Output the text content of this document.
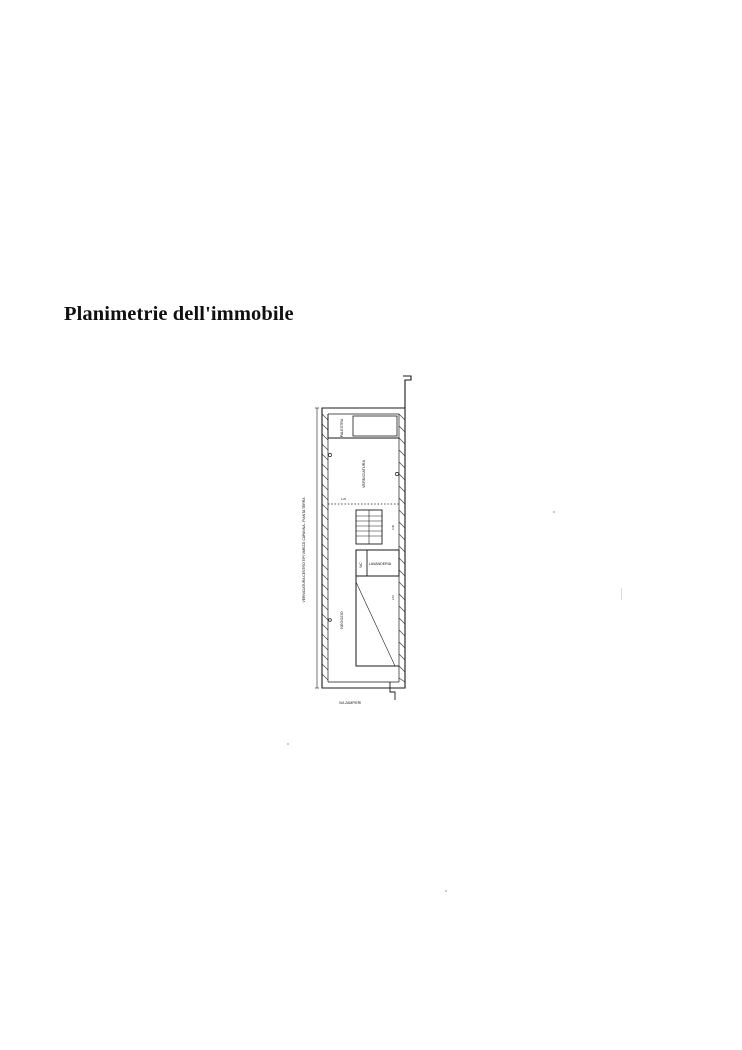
Planimetrie dell'immobile
PALESTRA
VERNICIATURA
LAVANDERIA
WC
NEGOZIO
VERNICIATURA CENTRO TIPI VARIZZI CAPANNA - PIANTA TERRA
VIA ZAMPIERI
1.20
3.40
2.10
